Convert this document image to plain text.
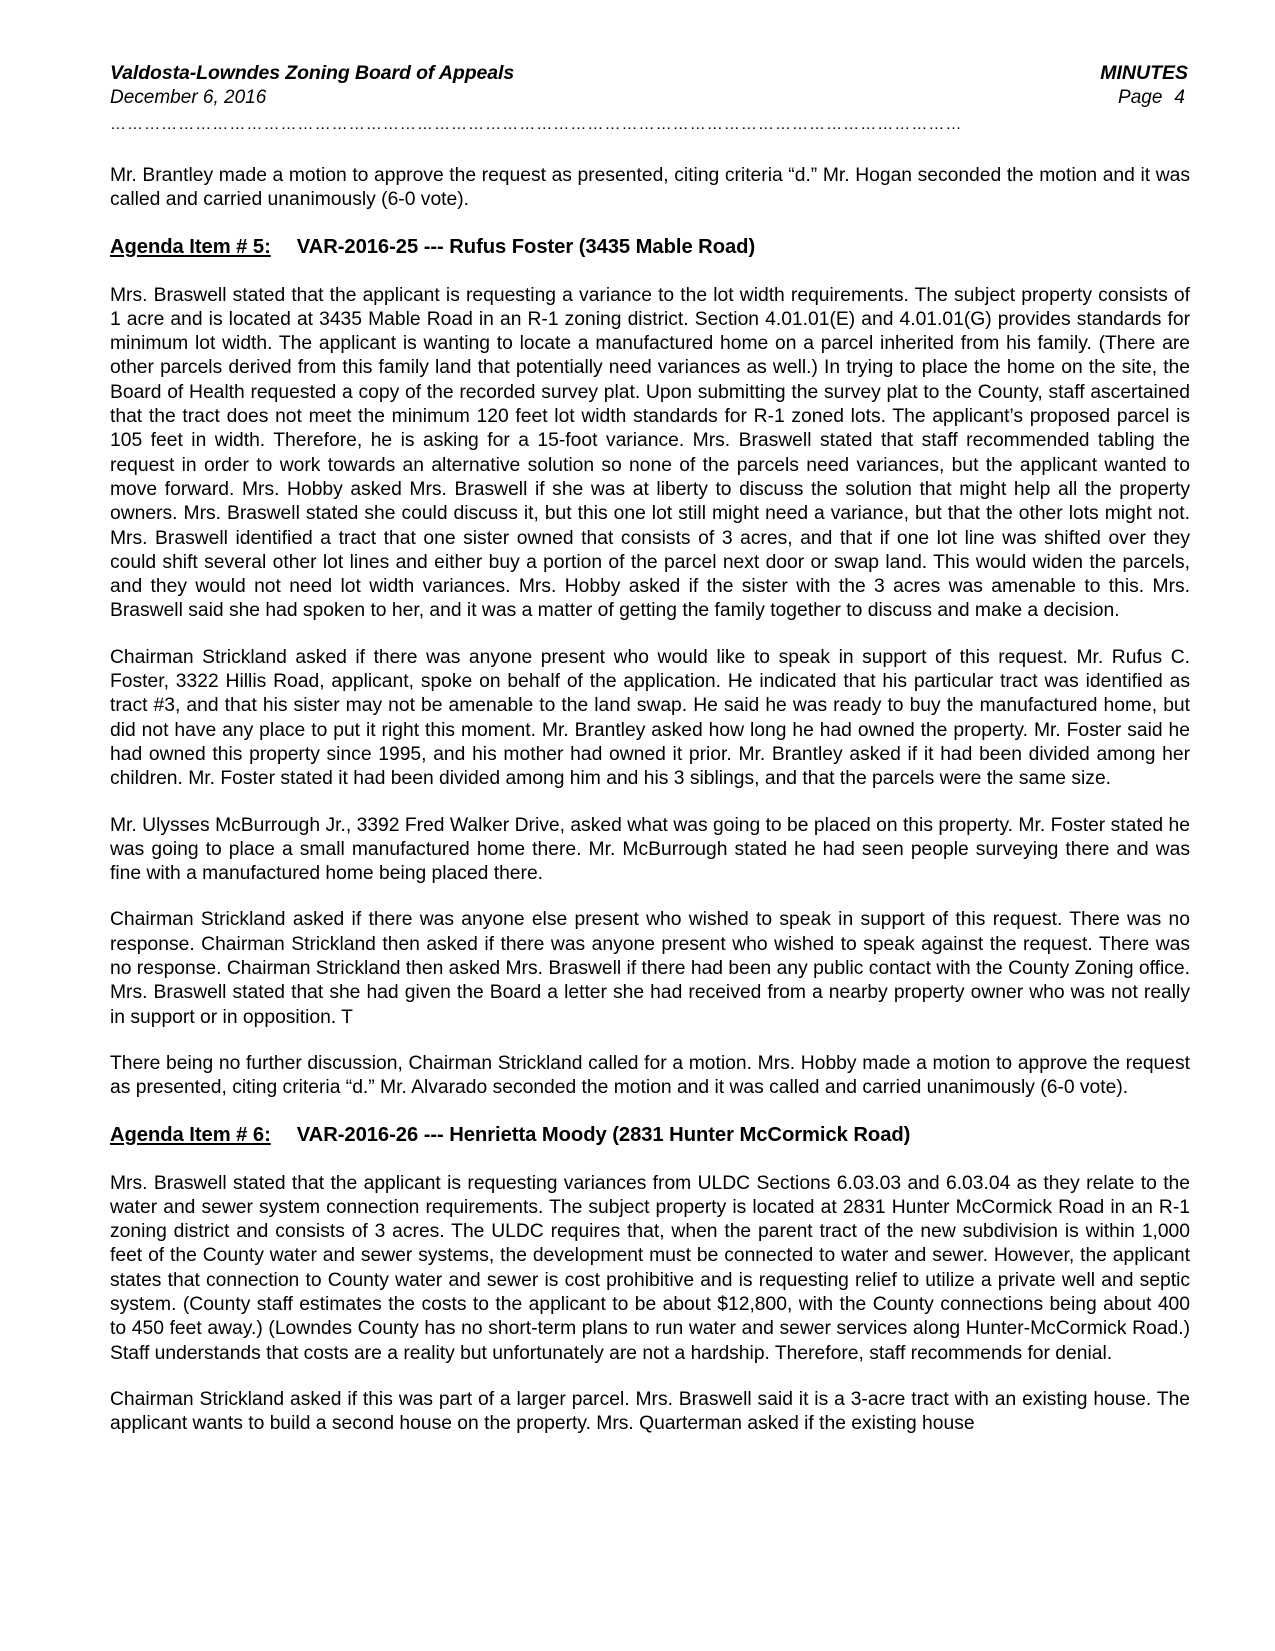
Valdosta-Lowndes Zoning Board of Appeals	MINUTES
December 6, 2016	Page 4
……………………………………………………………………………………………………………………………………

Mr. Brantley made a motion to approve the request as presented, citing criteria “d.” Mr. Hogan seconded the motion and it was called and carried unanimously (6-0 vote).

Agenda Item # 5: VAR-2016-25 --- Rufus Foster (3435 Mable Road)

Mrs. Braswell stated that the applicant is requesting a variance to the lot width requirements. The subject property consists of 1 acre and is located at 3435 Mable Road in an R-1 zoning district. Section 4.01.01(E) and 4.01.01(G) provides standards for minimum lot width. The applicant is wanting to locate a manufactured home on a parcel inherited from his family. (There are other parcels derived from this family land that potentially need variances as well.) In trying to place the home on the site, the Board of Health requested a copy of the recorded survey plat. Upon submitting the survey plat to the County, staff ascertained that the tract does not meet the minimum 120 feet lot width standards for R-1 zoned lots. The applicant’s proposed parcel is 105 feet in width. Therefore, he is asking for a 15-foot variance. Mrs. Braswell stated that staff recommended tabling the request in order to work towards an alternative solution so none of the parcels need variances, but the applicant wanted to move forward. Mrs. Hobby asked Mrs. Braswell if she was at liberty to discuss the solution that might help all the property owners. Mrs. Braswell stated she could discuss it, but this one lot still might need a variance, but that the other lots might not. Mrs. Braswell identified a tract that one sister owned that consists of 3 acres, and that if one lot line was shifted over they could shift several other lot lines and either buy a portion of the parcel next door or swap land. This would widen the parcels, and they would not need lot width variances. Mrs. Hobby asked if the sister with the 3 acres was amenable to this. Mrs. Braswell said she had spoken to her, and it was a matter of getting the family together to discuss and make a decision.

Chairman Strickland asked if there was anyone present who would like to speak in support of this request. Mr. Rufus C. Foster, 3322 Hillis Road, applicant, spoke on behalf of the application. He indicated that his particular tract was identified as tract #3, and that his sister may not be amenable to the land swap. He said he was ready to buy the manufactured home, but did not have any place to put it right this moment. Mr. Brantley asked how long he had owned the property. Mr. Foster said he had owned this property since 1995, and his mother had owned it prior. Mr. Brantley asked if it had been divided among her children. Mr. Foster stated it had been divided among him and his 3 siblings, and that the parcels were the same size.

Mr. Ulysses McBurrough Jr., 3392 Fred Walker Drive, asked what was going to be placed on this property. Mr. Foster stated he was going to place a small manufactured home there. Mr. McBurrough stated he had seen people surveying there and was fine with a manufactured home being placed there.

Chairman Strickland asked if there was anyone else present who wished to speak in support of this request. There was no response. Chairman Strickland then asked if there was anyone present who wished to speak against the request. There was no response. Chairman Strickland then asked Mrs. Braswell if there had been any public contact with the County Zoning office. Mrs. Braswell stated that she had given the Board a letter she had received from a nearby property owner who was not really in support or in opposition. T

There being no further discussion, Chairman Strickland called for a motion. Mrs. Hobby made a motion to approve the request as presented, citing criteria “d.” Mr. Alvarado seconded the motion and it was called and carried unanimously (6-0 vote).

Agenda Item # 6: VAR-2016-26 --- Henrietta Moody (2831 Hunter McCormick Road)

Mrs. Braswell stated that the applicant is requesting variances from ULDC Sections 6.03.03 and 6.03.04 as they relate to the water and sewer system connection requirements. The subject property is located at 2831 Hunter McCormick Road in an R-1 zoning district and consists of 3 acres. The ULDC requires that, when the parent tract of the new subdivision is within 1,000 feet of the County water and sewer systems, the development must be connected to water and sewer. However, the applicant states that connection to County water and sewer is cost prohibitive and is requesting relief to utilize a private well and septic system. (County staff estimates the costs to the applicant to be about $12,800, with the County connections being about 400 to 450 feet away.) (Lowndes County has no short-term plans to run water and sewer services along Hunter-McCormick Road.) Staff understands that costs are a reality but unfortunately are not a hardship. Therefore, staff recommends for denial.

Chairman Strickland asked if this was part of a larger parcel. Mrs. Braswell said it is a 3-acre tract with an existing house. The applicant wants to build a second house on the property. Mrs. Quarterman asked if the existing house
